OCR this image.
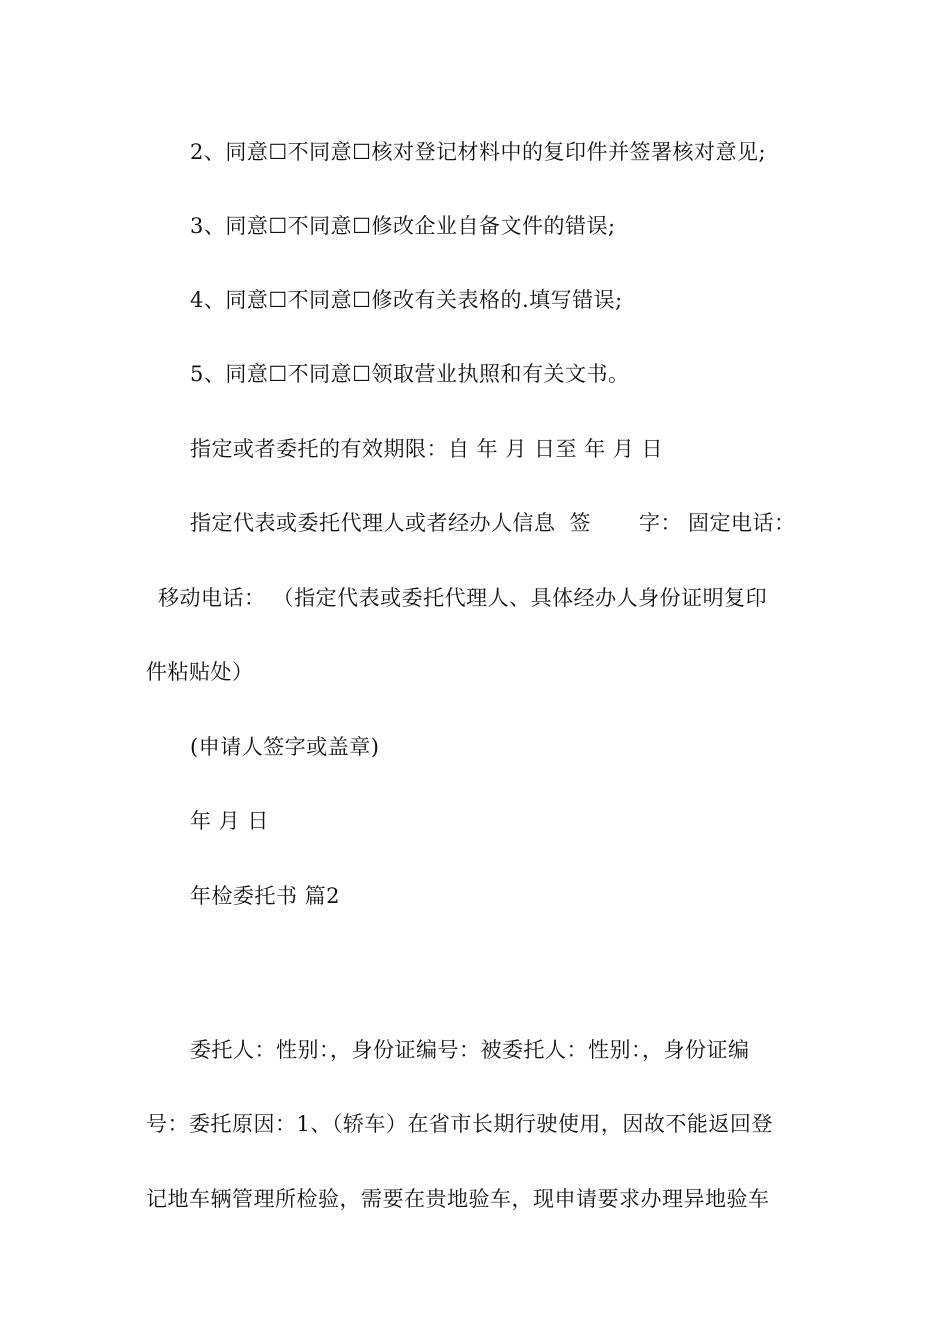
2、同意☐不同意☐核对登记材料中的复印件并签署核对意见;
3、同意☐不同意☐修改企业自备文件的错误;
4、同意☐不同意☐修改有关表格的.填写错误;
5、同意☐不同意☐领取营业执照和有关文书。
指定或者委托的有效期限：自 年 月 日至 年 月 日
指定代表或委托代理人或者经办人信息 签 字： 固定电话：
移动电话： （指定代表或委托代理人、具体经办人身份证明复印
件粘贴处）
(申请人签字或盖章)
年 月 日
年检委托书 篇2
委托人：性别：，身份证编号：被委托人：性别：，身份证编
号：委托原因：1、（轿车）在省市长期行驶使用，因故不能返回登
记地车辆管理所检验，需要在贵地验车，现申请要求办理异地验车
